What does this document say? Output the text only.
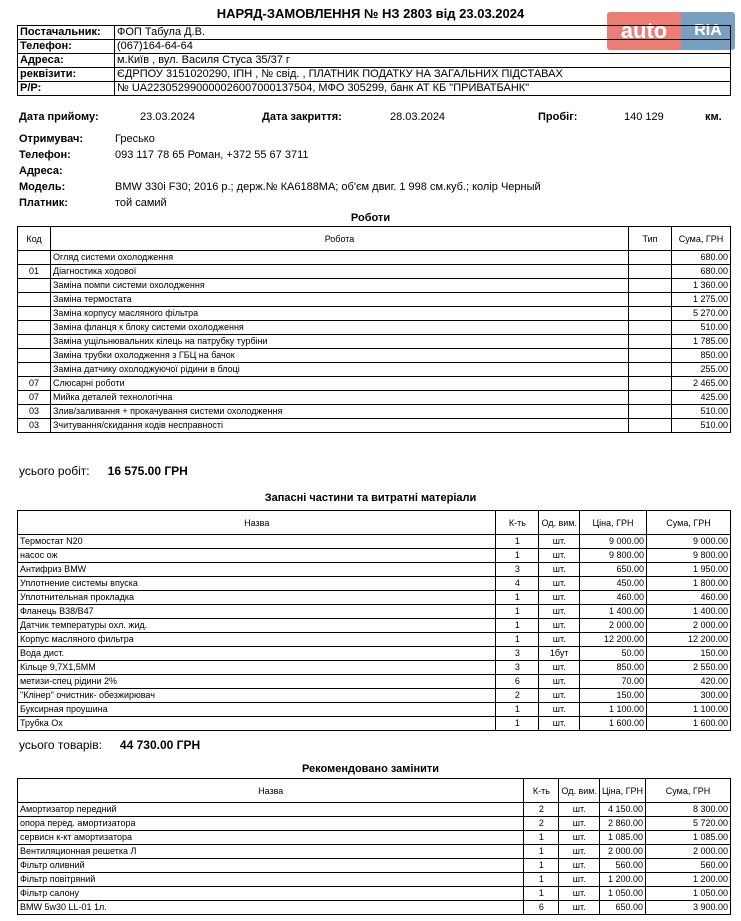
НАРЯД-ЗАМОВЛЕННЯ № НЗ 2803 від 23.03.2024
auto	RIA
Постачальник:	ФОП Табула Д.В.
Телефон:	(067)164-64-64
Адреса:	м.Київ , вул. Василя Стуса 35/37 г
реквізити:	ЄДРПОУ 3151020290, ІПН , № свід. , ПЛАТНИК ПОДАТКУ НА ЗАГАЛЬНИХ ПІДСТАВАХ
Р/Р:	№ UA223052990000026007000137504, МФО 305299, банк АТ КБ "ПРИВАТБАНК"
Дата прийому:	23.03.2024	Дата закриття:	28.03.2024	Пробіг:	140 129	км.
Отримувач:	Гресько
Телефон:	093 117 78 65 Роман, +372 55 67 3711
Адреса:
Модель:	BMW 330i F30; 2016 р.; держ.№ КА6188МА; об'єм двиг. 1 998 см.куб.; колір Черный
Платник:	той самий
Роботи
Код	Робота	Тип	Сума, ГРН
	Огляд системи охолодження		680.00
01	Діагностика ходової		680.00
	Заміна помпи системи охолодження		1 360.00
	Заміна термостата		1 275.00
	Заміна корпусу масляного фільтра		5 270.00
	Заміна фланця к блоку системи охолодження		510.00
	Заміна ущільнювальних кілець на патрубку турбіни		1 785.00
	Заміна трубки охолодження з ГБЦ на бачок		850.00
	Заміна датчику охолоджуючої рідини в блоці		255.00
07	Слюсарні роботи		2 465.00
07	Мийка деталей технологічна		425.00
03	Злив/заливання + прокачування системи охолодження		510.00
03	Зчитування/скидання кодів несправності		510.00
усього робіт: 16 575.00 ГРН
Запасні частини та витратні матеріали
Назва	К-ть	Од. вим.	Ціна, ГРН	Сума, ГРН
Термостат N20	1	шт.	9 000.00	9 000.00
насос ож	1	шт.	9 800.00	9 800.00
Антифриз BMW	3	шт.	650.00	1 950.00
Уплотнение системы впуска	4	шт.	450.00	1 800.00
Уплотнительная прокладка	1	шт.	460.00	460.00
Фланець B38/B47	1	шт.	1 400.00	1 400.00
Датчик температуры охл. жид.	1	шт.	2 000.00	2 000.00
Корпус масляного фильтра	1	шт.	12 200.00	12 200.00
Вода дист.	3	1бут	50.00	150.00
Кільце 9,7Х1,5ММ	3	шт.	850.00	2 550.00
метизи-спец рідини 2%	6	шт.	70.00	420.00
"Клінер" очистник- обезжирювач	2	шт.	150.00	300.00
Буксирная проушина	1	шт.	1 100.00	1 100.00
Трубка Ох	1	шт.	1 600.00	1 600.00
усього товарів: 44 730.00 ГРН
Рекомендовано замінити
Назва	К-ть	Од. вим.	Ціна, ГРН	Сума, ГРН
Амортизатор передний	2	шт.	4 150.00	8 300.00
опора перед. амортизатора	2	шт.	2 860.00	5 720.00
сервисн к-кт амортизатора	1	шт.	1 085.00	1 085.00
Вентиляционная решетка Л	1	шт.	2 000.00	2 000.00
Фільтр оливний	1	шт.	560.00	560.00
Фільтр повітряний	1	шт.	1 200.00	1 200.00
Фільтр салону	1	шт.	1 050.00	1 050.00
BMW 5w30 LL-01 1л.	6	шт.	650.00	3 900.00
